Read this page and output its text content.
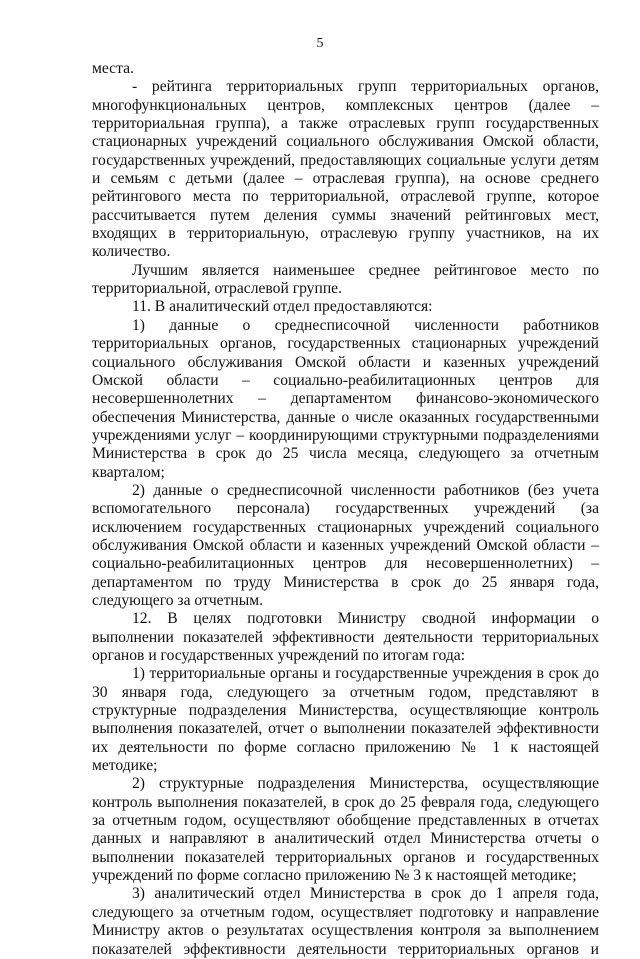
5

места.

- рейтинга территориальных групп территориальных органов, многофункциональных центров, комплексных центров (далее – территориальная группа), а также отраслевых групп государственных стационарных учреждений социального обслуживания Омской области, государственных учреждений, предоставляющих социальные услуги детям и семьям с детьми (далее – отраслевая группа), на основе среднего рейтингового места по территориальной, отраслевой группе, которое рассчитывается путем деления суммы значений рейтинговых мест, входящих в территориальную, отраслевую группу участников, на их количество.

Лучшим является наименьшее среднее рейтинговое место по территориальной, отраслевой группе.

11. В аналитический отдел предоставляются:

1) данные о среднесписочной численности работников территориальных органов, государственных стационарных учреждений социального обслуживания Омской области и казенных учреждений Омской области – социально-реабилитационных центров для несовершеннолетних – департаментом финансово-экономического обеспечения Министерства, данные о числе оказанных государственными учреждениями услуг – координирующими структурными подразделениями Министерства в срок до 25 числа месяца, следующего за отчетным кварталом;

2) данные о среднесписочной численности работников (без учета вспомогательного персонала) государственных учреждений (за исключением государственных стационарных учреждений социального обслуживания Омской области и казенных учреждений Омской области – социально-реабилитационных центров для несовершеннолетних) – департаментом по труду Министерства в срок до 25 января года, следующего за отчетным.

12. В целях подготовки Министру сводной информации о выполнении показателей эффективности деятельности территориальных органов и государственных учреждений по итогам года:

1) территориальные органы и государственные учреждения в срок до 30 января года, следующего за отчетным годом, представляют в структурные подразделения Министерства, осуществляющие контроль выполнения показателей, отчет о выполнении показателей эффективности их деятельности по форме согласно приложению № 1 к настоящей методике;

2) структурные подразделения Министерства, осуществляющие контроль выполнения показателей, в срок до 25 февраля года, следующего за отчетным годом, осуществляют обобщение представленных в отчетах данных и направляют в аналитический отдел Министерства отчеты о выполнении показателей территориальных органов и государственных учреждений по форме согласно приложению № 3 к настоящей методике;

3) аналитический отдел Министерства в срок до 1 апреля года, следующего за отчетным годом, осуществляет подготовку и направление Министру актов о результатах осуществления контроля за выполнением показателей эффективности деятельности территориальных органов и
